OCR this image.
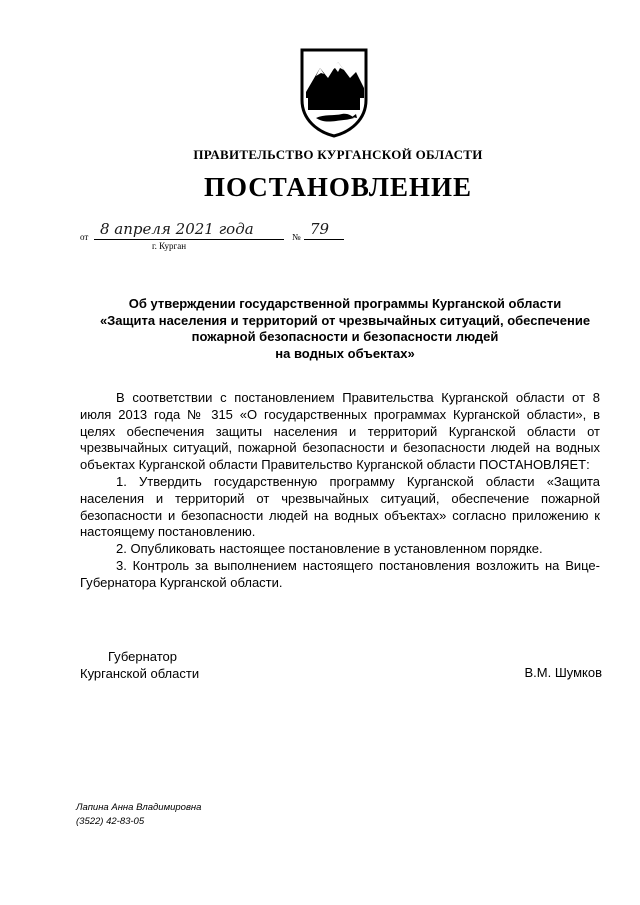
ПРАВИТЕЛЬСТВО КУРГАНСКОЙ ОБЛАСТИ
ПОСТАНОВЛЕНИЕ
от 8 апреля 2021 года	№ 79
г. Курган
Об утверждении государственной программы Курганской области
«Защита населения и территорий от чрезвычайных ситуаций, обеспечение
пожарной безопасности и безопасности людей
на водных объектах»

В соответствии с постановлением Правительства Курганской области от 8 июля 2013 года № 315 «О государственных программах Курганской области», в целях обеспечения защиты населения и территорий Курганской области от чрезвычайных ситуаций, пожарной безопасности и безопасности людей на водных объектах Курганской области Правительство Курганской области ПОСТАНОВЛЯЕТ:

1. Утвердить государственную программу Курганской области «Защита населения и территорий от чрезвычайных ситуаций, обеспечение пожарной безопасности и безопасности людей на водных объектах» согласно приложению к настоящему постановлению.

2. Опубликовать настоящее постановление в установленном порядке.

3. Контроль за выполнением настоящего постановления возложить на Вице-Губернатора Курганской области.

Губернатор
Курганской области	В.М. Шумков
Лапина Анна Владимировна
(3522) 42-83-05
